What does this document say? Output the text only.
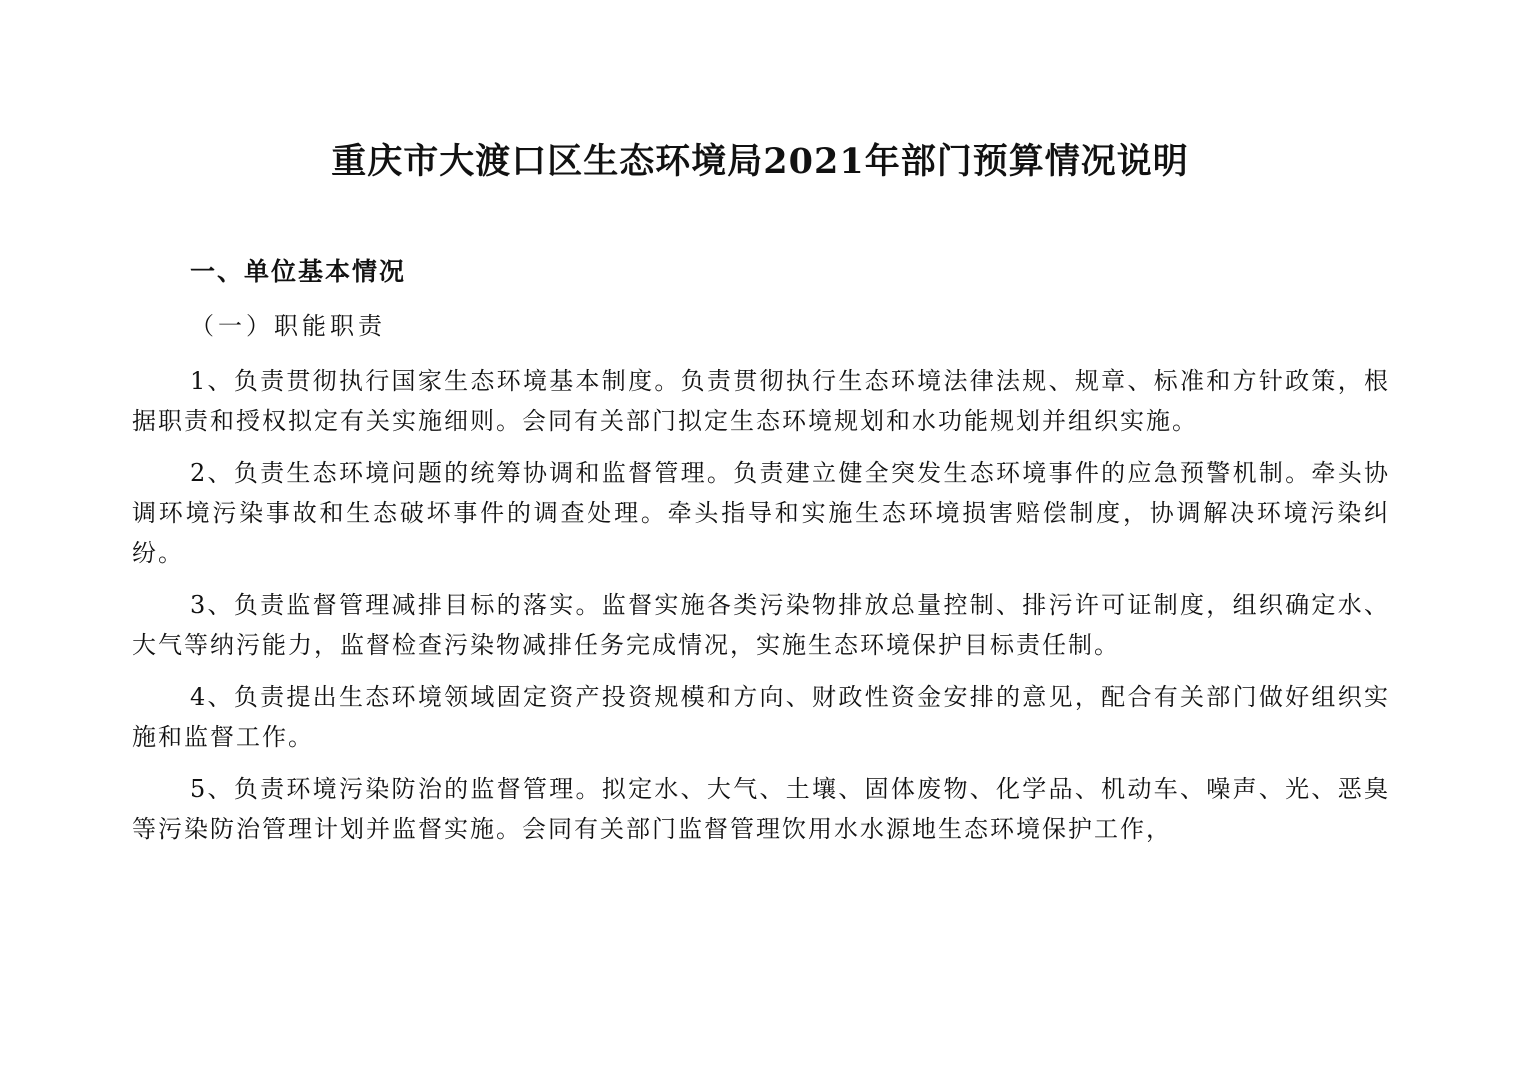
重庆市大渡口区生态环境局2021年部门预算情况说明
一、单位基本情况
（一）职能职责

1、负责贯彻执行国家生态环境基本制度。负责贯彻执行生态环境法律法规、规章、标准和方针政策，根据职责和授权拟定有关实施细则。会同有关部门拟定生态环境规划和水功能规划并组织实施。

2、负责生态环境问题的统筹协调和监督管理。负责建立健全突发生态环境事件的应急预警机制。牵头协调环境污染事故和生态破坏事件的调查处理。牵头指导和实施生态环境损害赔偿制度，协调解决环境污染纠纷。

3、负责监督管理减排目标的落实。监督实施各类污染物排放总量控制、排污许可证制度，组织确定水、大气等纳污能力，监督检查污染物减排任务完成情况，实施生态环境保护目标责任制。

4、负责提出生态环境领域固定资产投资规模和方向、财政性资金安排的意见，配合有关部门做好组织实施和监督工作。

5、负责环境污染防治的监督管理。拟定水、大气、土壤、固体废物、化学品、机动车、噪声、光、恶臭等污染防治管理计划并监督实施。会同有关部门监督管理饮用水水源地生态环境保护工作，
